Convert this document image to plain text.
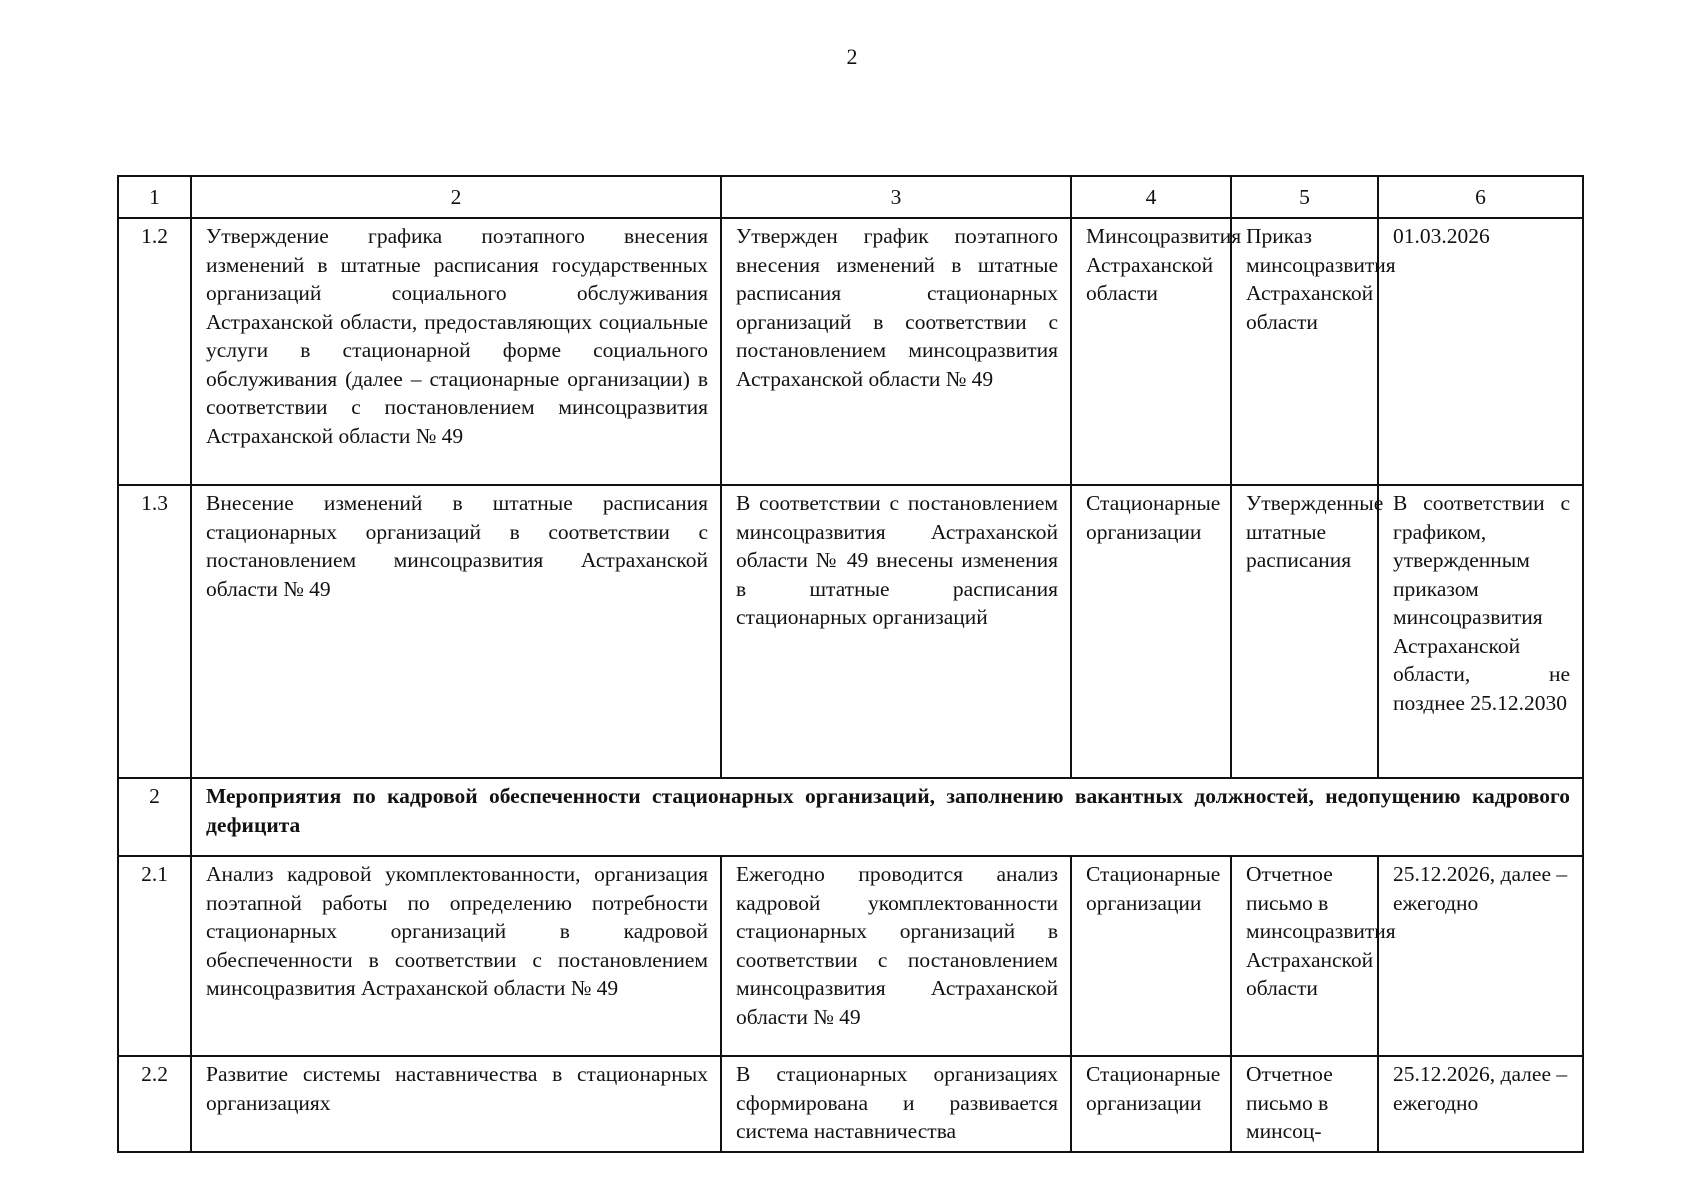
2
1	2	3	4	5	6
1.2	Утверждение графика поэтапного внесения изменений в штатные расписания государственных организаций социального обслуживания Астраханской области, предоставляющих социальные услуги в стационарной форме социального обслуживания (далее – стационарные организации) в соответствии с постановлением минсоцразвития Астраханской области № 49	Утвержден график поэтапного внесения изменений в штатные расписания стационарных организаций в соответствии с постановлением минсоцразвития Астраханской области № 49	Минсоцразвития Астраханской области	Приказ минсоцразвития Астраханской области	01.03.2026
1.3	Внесение изменений в штатные расписания стационарных организаций в соответствии с постановлением минсоцразвития Астраханской области № 49	В соответствии с постановлением минсоцразвития Астраханской области № 49 внесены изменения в штатные расписания стационарных организаций	Стационарные организации	Утвержденные штатные расписания	В соответствии с графиком, утвержденным приказом минсоцразвития Астраханской области, не позднее 25.12.2030
2	Мероприятия по кадровой обеспеченности стационарных организаций, заполнению вакантных должностей, недопущению кадрового дефицита				
2.1	Анализ кадровой укомплектованности, организация поэтапной работы по определению потребности стационарных организаций в кадровой обеспеченности в соответствии с постановлением минсоцразвития Астраханской области № 49	Ежегодно проводится анализ кадровой укомплектованности стационарных организаций в соответствии с постановлением минсоцразвития Астраханской области № 49	Стационарные организации	Отчетное письмо в минсоцразвития Астраханской области	25.12.2026, далее – ежегодно
2.2	Развитие системы наставничества в стационарных организациях	В стационарных организациях сформирована и развивается система наставничества	Стационарные организации	Отчетное письмо в минсоц-	25.12.2026, далее – ежегодно
